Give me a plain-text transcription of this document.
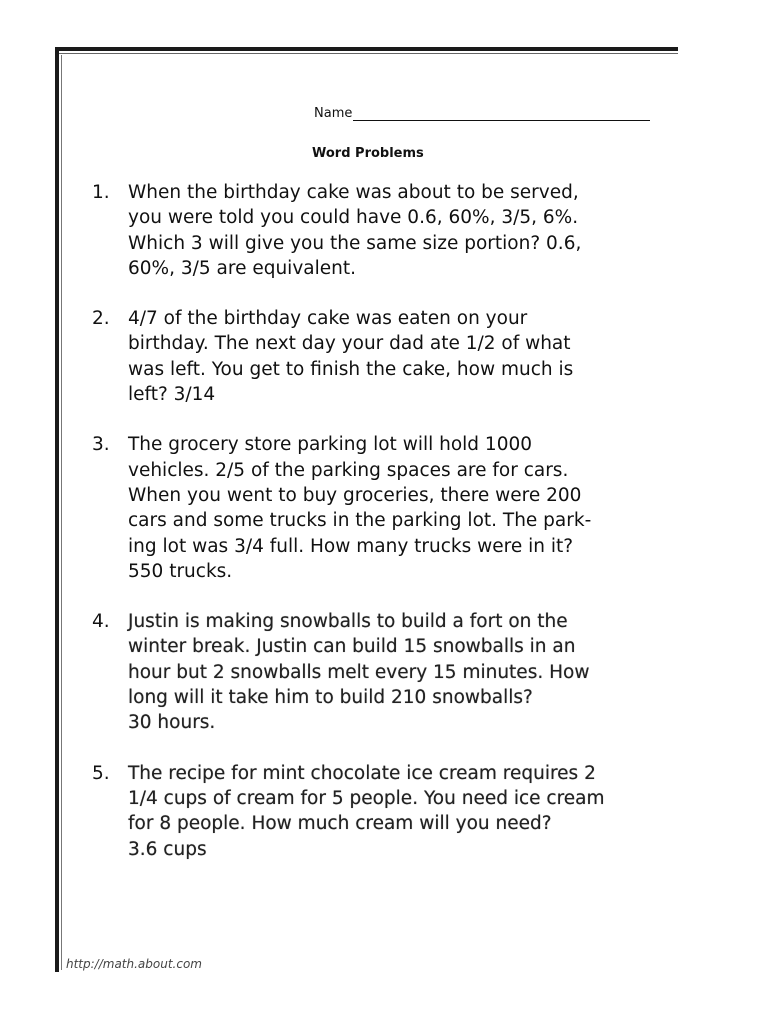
Name
Word Problems
1. When the birthday cake was about to be served,
you were told you could have 0.6, 60%, 3/5, 6%.
Which 3 will give you the same size portion? 0.6,
60%, 3/5 are equivalent.
2. 4/7 of the birthday cake was eaten on your
birthday. The next day your dad ate 1/2 of what
was left. You get to finish the cake, how much is
left? 3/14
3. The grocery store parking lot will hold 1000
vehicles. 2/5 of the parking spaces are for cars.
When you went to buy groceries, there were 200
cars and some trucks in the parking lot. The park-
ing lot was 3/4 full. How many trucks were in it?
550 trucks.
4. Justin is making snowballs to build a fort on the
winter break. Justin can build 15 snowballs in an
hour but 2 snowballs melt every 15 minutes. How
long will it take him to build 210 snowballs?
30 hours.
5. The recipe for mint chocolate ice cream requires 2
1/4 cups of cream for 5 people. You need ice cream
for 8 people. How much cream will you need?
3.6 cups
http://math.about.com
